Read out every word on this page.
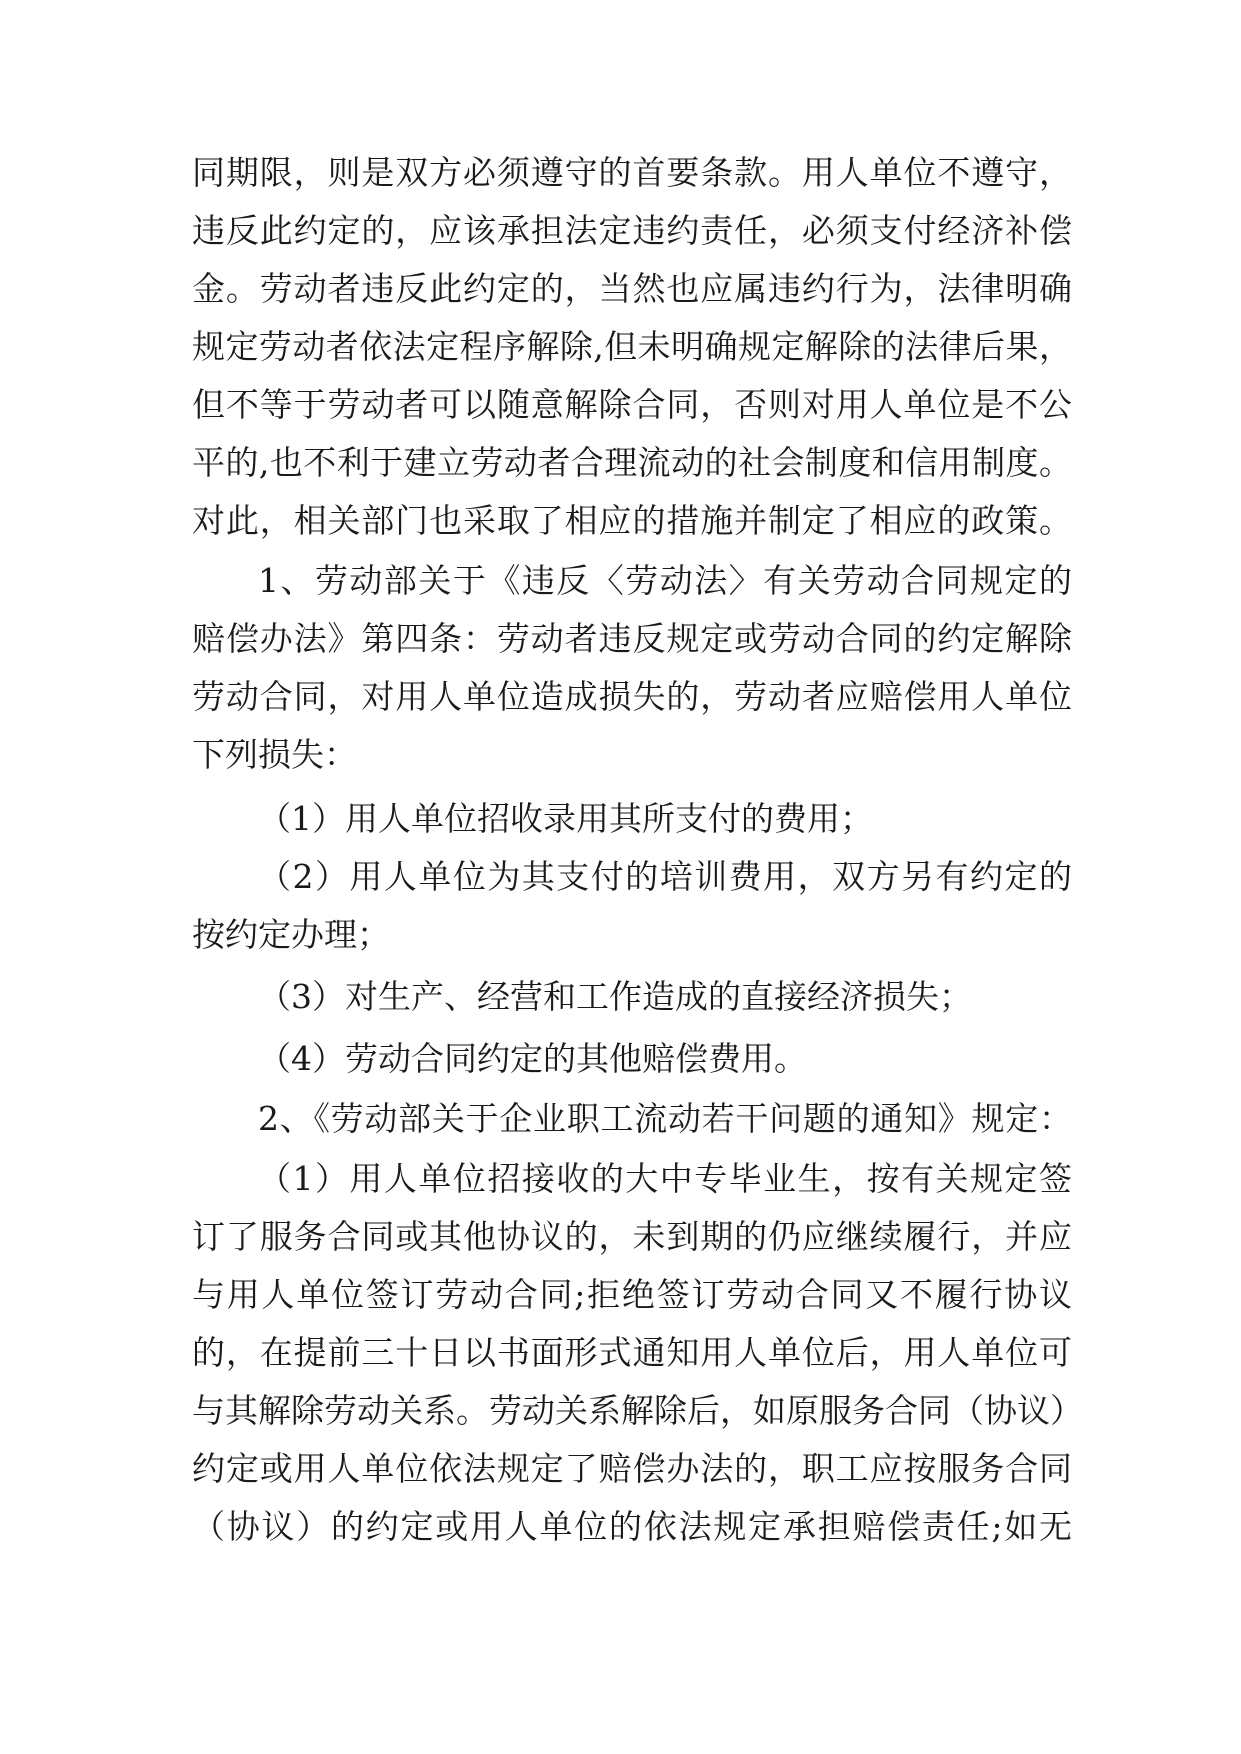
同期限，则是双方必须遵守的首要条款。用人单位不遵守，
违反此约定的，应该承担法定违约责任，必须支付经济补偿
金。劳动者违反此约定的，当然也应属违约行为，法律明确
规定劳动者依法定程序解除,但未明确规定解除的法律后果，
但不等于劳动者可以随意解除合同，否则对用人单位是不公
平的,也不利于建立劳动者合理流动的社会制度和信用制度。
对此，相关部门也采取了相应的措施并制定了相应的政策。
1、劳动部关于《违反〈劳动法〉有关劳动合同规定的
赔偿办法》第四条：劳动者违反规定或劳动合同的约定解除
劳动合同，对用人单位造成损失的，劳动者应赔偿用人单位
下列损失：
（1）用人单位招收录用其所支付的费用；
（2）用人单位为其支付的培训费用，双方另有约定的
按约定办理；
（3）对生产、经营和工作造成的直接经济损失；
（4）劳动合同约定的其他赔偿费用。
2、《劳动部关于企业职工流动若干问题的通知》规定：
（1）用人单位招接收的大中专毕业生，按有关规定签
订了服务合同或其他协议的，未到期的仍应继续履行，并应
与用人单位签订劳动合同;拒绝签订劳动合同又不履行协议
的，在提前三十日以书面形式通知用人单位后，用人单位可
与其解除劳动关系。劳动关系解除后，如原服务合同（协议）
约定或用人单位依法规定了赔偿办法的，职工应按服务合同
（协议）的约定或用人单位的依法规定承担赔偿责任;如无
